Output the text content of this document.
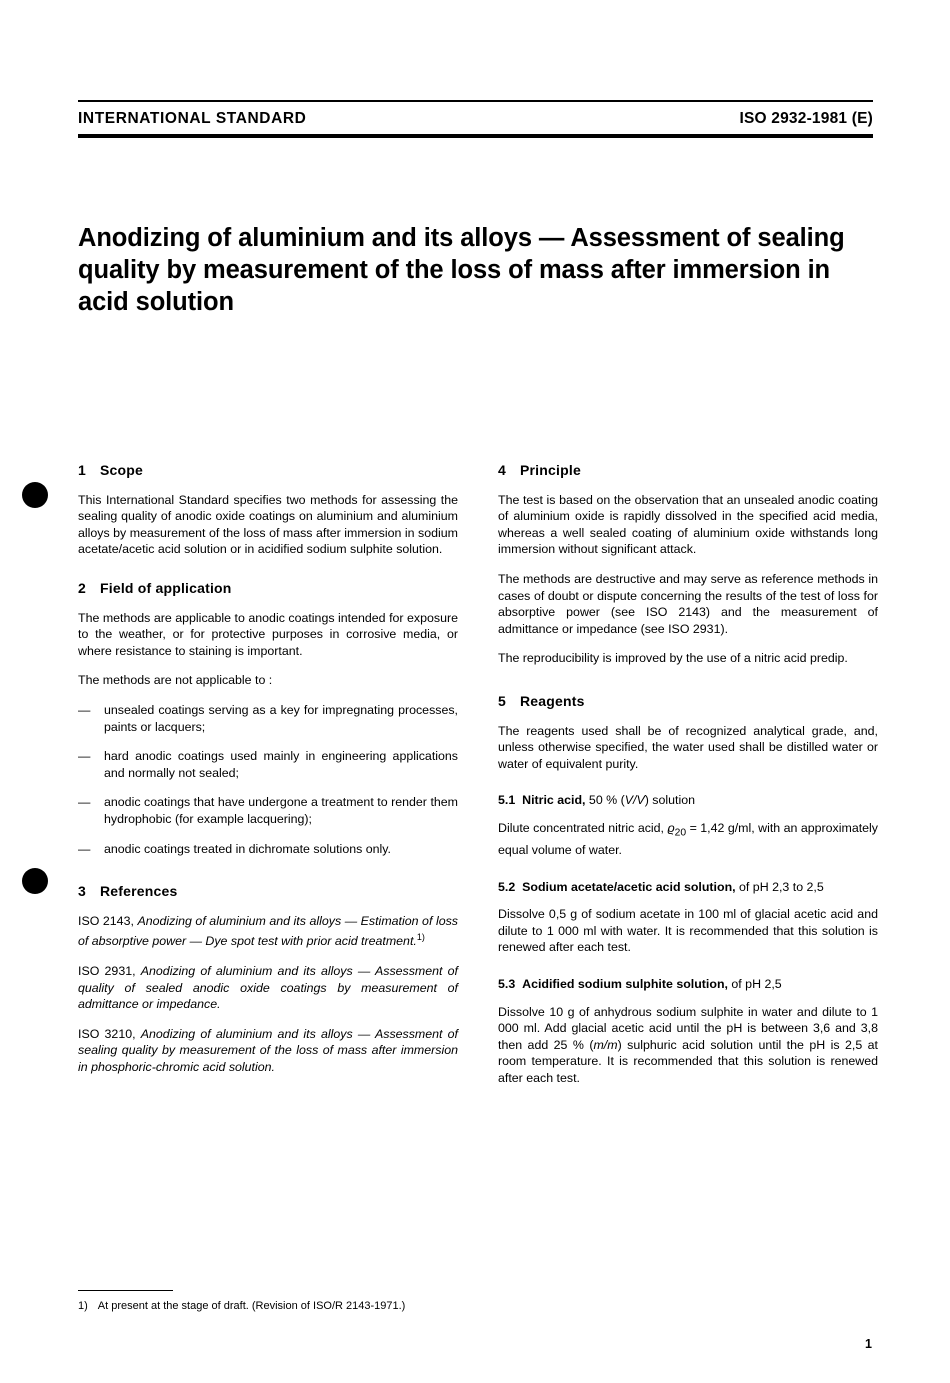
INTERNATIONAL STANDARD	ISO 2932-1981 (E)
Anodizing of aluminium and its alloys — Assessment of sealing quality by measurement of the loss of mass after immersion in acid solution
1 Scope

This International Standard specifies two methods for assessing the sealing quality of anodic oxide coatings on aluminium and aluminium alloys by measurement of the loss of mass after immersion in sodium acetate/acetic acid solution or in acidified sodium sulphite solution.

2 Field of application

The methods are applicable to anodic coatings intended for exposure to the weather, or for protective purposes in corrosive media, or where resistance to staining is important.

The methods are not applicable to :

— unsealed coatings serving as a key for impregnating processes, paints or lacquers;
— hard anodic coatings used mainly in engineering applications and normally not sealed;
— anodic coatings that have undergone a treatment to render them hydrophobic (for example lacquering);
— anodic coatings treated in dichromate solutions only.
3 References

ISO 2143, Anodizing of aluminium and its alloys — Estimation of loss of absorptive power — Dye spot test with prior acid treatment.$^{1)}$

ISO 2931, Anodizing of aluminium and its alloys — Assessment of quality of sealed anodic oxide coatings by measurement of admittance or impedance.

ISO 3210, Anodizing of aluminium and its alloys — Assessment of sealing quality by measurement of the loss of mass after immersion in phosphoric-chromic acid solution.

4 Principle

The test is based on the observation that an unsealed anodic coating of aluminium oxide is rapidly dissolved in the specified acid media, whereas a well sealed coating of aluminium oxide withstands long immersion without significant attack.

The methods are destructive and may serve as reference methods in cases of doubt or dispute concerning the results of the test of loss for absorptive power (see ISO 2143) and the measurement of admittance or impedance (see ISO 2931).

The reproducibility is improved by the use of a nitric acid predip.

5 Reagents

The reagents used shall be of recognized analytical grade, and, unless otherwise specified, the water used shall be distilled water or water of equivalent purity.

5.1 Nitric acid, 50 % (V/V) solution

Dilute concentrated nitric acid, $ϱ_{20} = 1,42$ g/ml, with an approximately equal volume of water.

5.2 Sodium acetate/acetic acid solution, of pH 2,3 to 2,5

Dissolve 0,5 g of sodium acetate in 100 ml of glacial acetic acid and dilute to 1 000 ml with water. It is recommended that this solution is renewed after each test.

5.3 Acidified sodium sulphite solution, of pH 2,5

Dissolve 10 g of anhydrous sodium sulphite in water and dilute to 1 000 ml. Add glacial acetic acid until the pH is between 3,6 and 3,8 then add 25 % (m/m) sulphuric acid solution until the pH is 2,5 at room temperature. It is recommended that this solution is renewed after each test.

1) At present at the stage of draft. (Revision of ISO/R 2143-1971.)
1
